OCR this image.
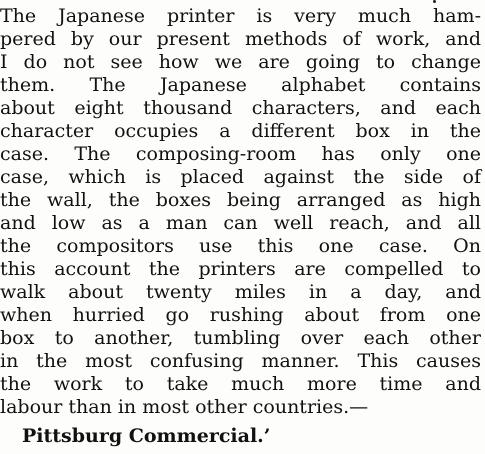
The Japanese printer is very much ham-
pered by our present methods of work, and
I do not see how we are going to change
them. The Japanese alphabet contains
about eight thousand characters, and each
character occupies a different box in the
case. The composing-room has only one
case, which is placed against the side of
the wall, the boxes being arranged as high
and low as a man can well reach, and all
the compositors use this one case. On
this account the printers are compelled to
walk about twenty miles in a day, and
when hurried go rushing about from one
box to another, tumbling over each other
in the most confusing manner. This causes
the work to take much more time and
labour than in most other countries.—
Pittsburg Commercial.’
